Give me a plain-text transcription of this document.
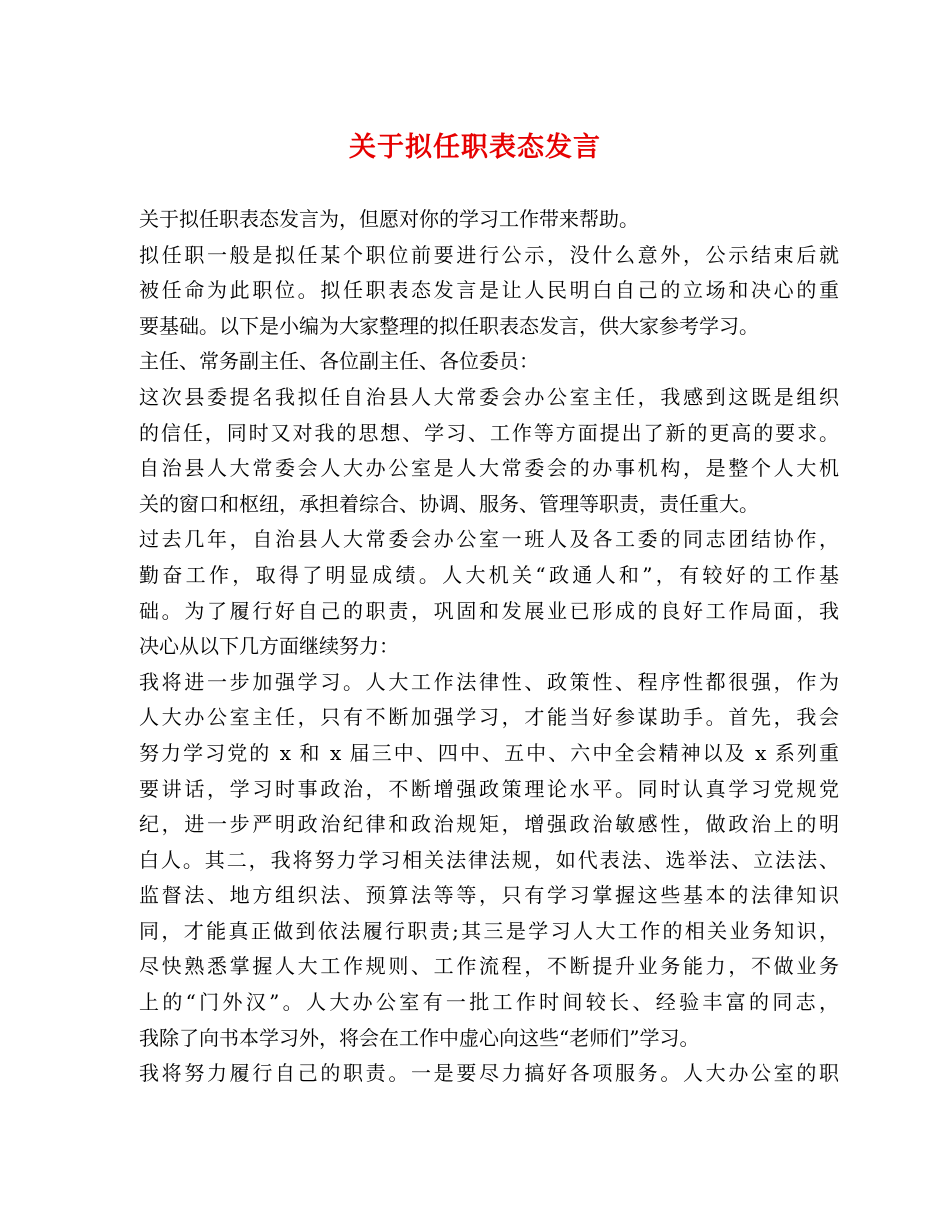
关于拟任职表态发言
关于拟任职表态发言为，但愿对你的学习工作带来帮助。
拟任职一般是拟任某个职位前要进行公示，没什么意外，公示结束后就
被任命为此职位。拟任职表态发言是让人民明白自己的立场和决心的重
要基础。以下是小编为大家整理的拟任职表态发言，供大家参考学习。
主任、常务副主任、各位副主任、各位委员：
这次县委提名我拟任自治县人大常委会办公室主任，我感到这既是组织
的信任，同时又对我的思想、学习、工作等方面提出了新的更高的要求。
自治县人大常委会人大办公室是人大常委会的办事机构，是整个人大机
关的窗口和枢纽，承担着综合、协调、服务、管理等职责，责任重大。
过去几年，自治县人大常委会办公室一班人及各工委的同志团结协作，
勤奋工作，取得了明显成绩。人大机关“政通人和”，有较好的工作基
础。为了履行好自己的职责，巩固和发展业已形成的良好工作局面，我
决心从以下几方面继续努力：
我将进一步加强学习。人大工作法律性、政策性、程序性都很强，作为
人大办公室主任，只有不断加强学习，才能当好参谋助手。首先，我会
努力学习党的 x 和 x 届三中、四中、五中、六中全会精神以及 x 系列重
要讲话，学习时事政治，不断增强政策理论水平。同时认真学习党规党
纪，进一步严明政治纪律和政治规矩，增强政治敏感性，做政治上的明
白人。其二，我将努力学习相关法律法规，如代表法、选举法、立法法、
监督法、地方组织法、预算法等等，只有学习掌握这些基本的法律知识
同，才能真正做到依法履行职责;其三是学习人大工作的相关业务知识，
尽快熟悉掌握人大工作规则、工作流程，不断提升业务能力，不做业务
上的“门外汉”。人大办公室有一批工作时间较长、经验丰富的同志，
我除了向书本学习外，将会在工作中虚心向这些“老师们”学习。
我将努力履行自己的职责。一是要尽力搞好各项服务。人大办公室的职
